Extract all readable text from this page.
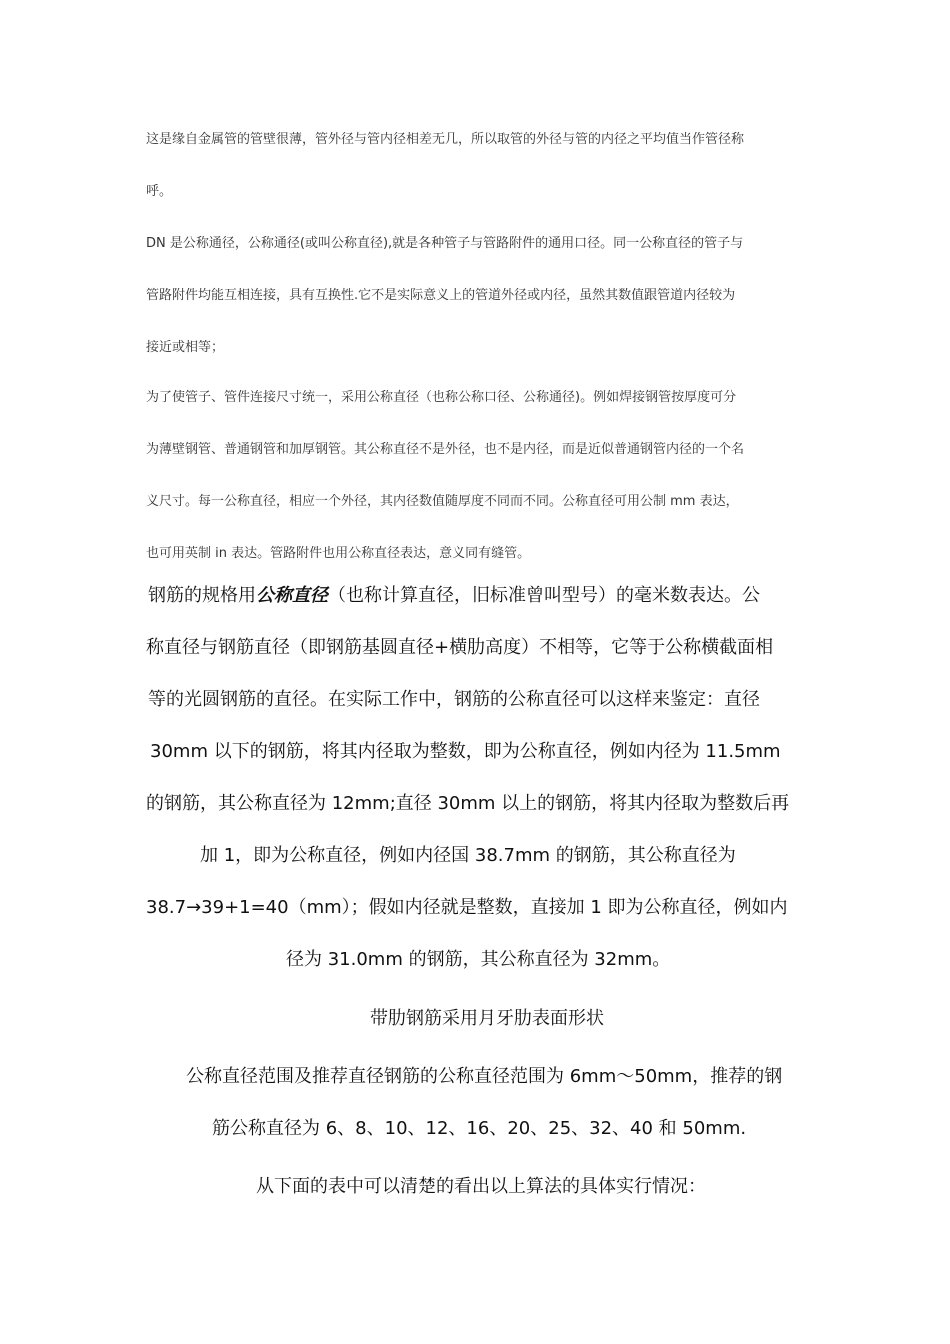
这是缘自金属管的管壁很薄，管外径与管内径相差无几，所以取管的外径与管的内径之平均值当作管径称
呼。
DN 是公称通径，公称通径(或叫公称直径),就是各种管子与管路附件的通用口径。同一公称直径的管子与
管路附件均能互相连接，具有互换性.它不是实际意义上的管道外径或内径，虽然其数值跟管道内径较为
接近或相等；
为了使管子、管件连接尺寸统一，采用公称直径（也称公称口径、公称通径)。例如焊接钢管按厚度可分
为薄壁钢管、普通钢管和加厚钢管。其公称直径不是外径，也不是内径，而是近似普通钢管内径的一个名
义尺寸。每一公称直径，相应一个外径，其内径数值随厚度不同而不同。公称直径可用公制 mm 表达，
也可用英制 in 表达。管路附件也用公称直径表达，意义同有缝管。
钢筋的规格用公称直径（也称计算直径，旧标准曾叫型号）的毫米数表达。公
称直径与钢筋直径（即钢筋基圆直径+横肋高度）不相等，它等于公称横截面相
等的光圆钢筋的直径。在实际工作中，钢筋的公称直径可以这样来鉴定：直径
30mm 以下的钢筋，将其内径取为整数，即为公称直径，例如内径为 11.5mm
的钢筋，其公称直径为 12mm;直径 30mm 以上的钢筋，将其内径取为整数后再
加 1，即为公称直径，例如内径国 38.7mm 的钢筋，其公称直径为
38.7→39+1=40（mm）；假如内径就是整数，直接加 1 即为公称直径，例如内
径为 31.0mm 的钢筋，其公称直径为 32mm。
带肋钢筋采用月牙肋表面形状
公称直径范围及推荐直径钢筋的公称直径范围为 6mm～50mm，推荐的钢
筋公称直径为 6、8、10、12、16、20、25、32、40 和 50mm.
从下面的表中可以清楚的看出以上算法的具体实行情况：
